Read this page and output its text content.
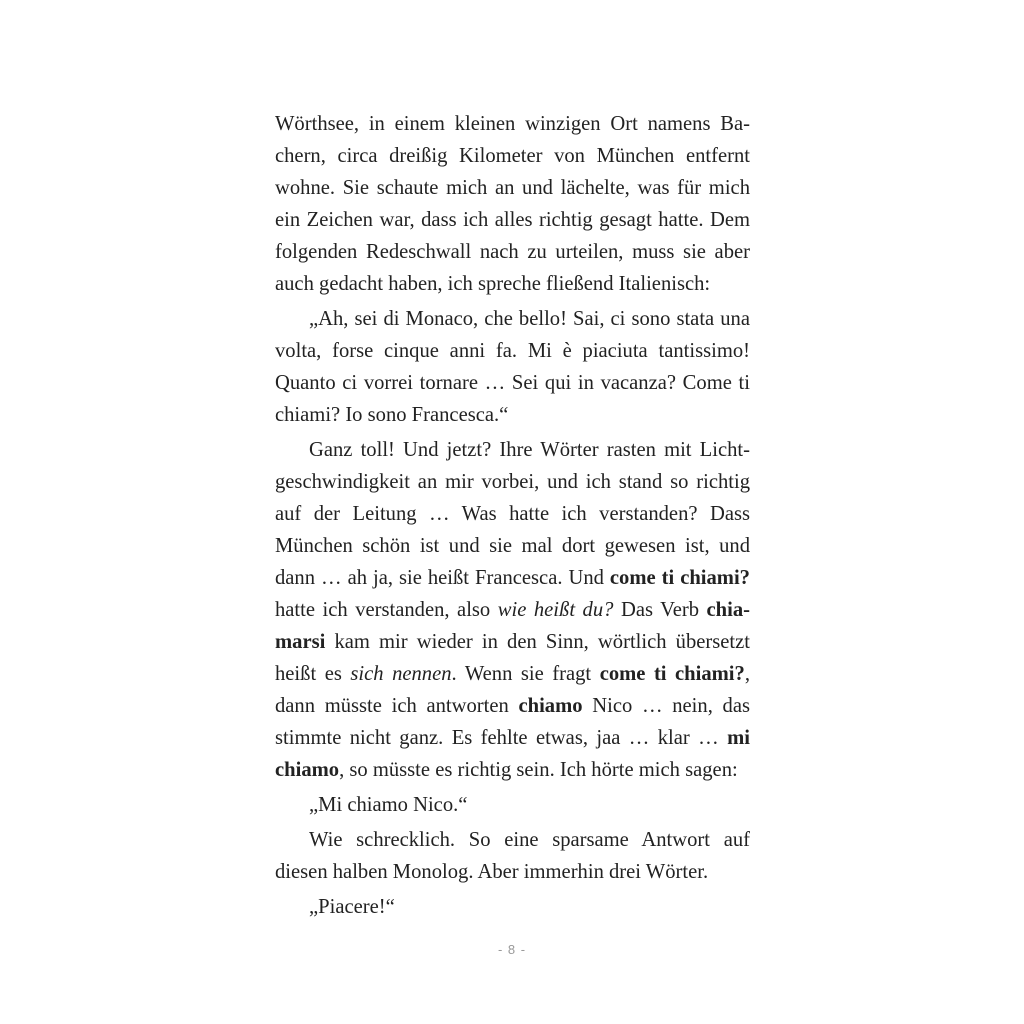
Wörthsee, in einem kleinen winzigen Ort namens Bachern, circa dreißig Kilometer von München entfernt wohne. Sie schaute mich an und lächelte, was für mich ein Zeichen war, dass ich alles richtig gesagt hatte. Dem folgenden Redeschwall nach zu urteilen, muss sie aber auch gedacht haben, ich spreche fließend Italienisch:

„Ah, sei di Monaco, che bello! Sai, ci sono stata una volta, forse cinque anni fa. Mi è piaciuta tantissimo! Quanto ci vorrei tornare … Sei qui in vacanza? Come ti chiami? Io sono Francesca.“

Ganz toll! Und jetzt? Ihre Wörter rasten mit Lichtgeschwindigkeit an mir vorbei, und ich stand so richtig auf der Leitung … Was hatte ich verstanden? Dass München schön ist und sie mal dort gewesen ist, und dann … ah ja, sie heißt Francesca. Und come ti chiami? hatte ich verstanden, also wie heißt du? Das Verb chiamarsi kam mir wieder in den Sinn, wörtlich übersetzt heißt es sich nennen. Wenn sie fragt come ti chiami?, dann müsste ich antworten chiamo Nico … nein, das stimmte nicht ganz. Es fehlte etwas, jaa … klar … mi chiamo, so müsste es richtig sein. Ich hörte mich sagen:

„Mi chiamo Nico.“

Wie schrecklich. So eine sparsame Antwort auf diesen halben Monolog. Aber immerhin drei Wörter.

„Piacere!“

- 8 -
